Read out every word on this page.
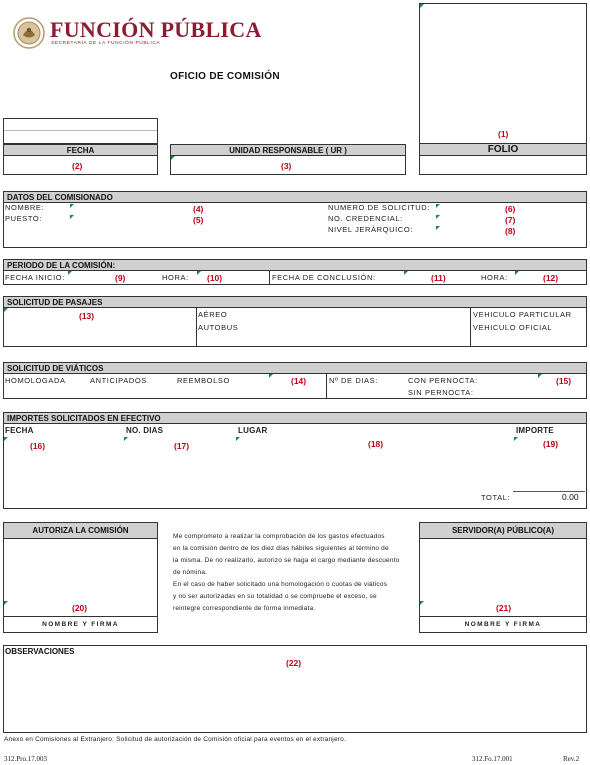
FUNCIÓN PÚBLICA
SECRETARÍA DE LA FUNCIÓN PÚBLICA
OFICIO DE COMISIÓN
(1)
FOLIO
FECHA
(2)
UNIDAD RESPONSABLE ( UR )
(3)
DATOS DEL COMISIONADO
NOMBRE:	(4)
PUESTO:	(5)
NUMERO DE SOLICITUD:	(6)
NO. CREDENCIAL:	(7)
NIVEL JERÁRQUICO:	(8)
PERIODO DE LA COMISIÓN:
FECHA INICIO:	(9)	HORA: (10)	FECHA DE CONCLUSIÓN:	(11)	HORA:	(12)
SOLICITUD DE PASAJES
(13)	AÉREO
AUTOBUS
VEHICULO PARTICULAR
VEHICULO OFICIAL
SOLICITUD DE VIÁTICOS
HOMOLOGADA	ANTICIPADOS	REEMBOLSO	(14)	Nº DE DIAS:	CON PERNOCTA:
SIN PERNOCTA:
(15)
IMPORTES SOLICITADOS EN EFECTIVO
FECHA	NO. DIAS	LUGAR	IMPORTE
(16)	(17)	(18)	(19)
TOTAL:	0.00
AUTORIZA LA COMISIÓN
(20)
NOMBRE Y FIRMA
Me comprometo a realizar la comprobación de los gastos efectuados
en la comisión dentro de los diez días hábiles siguientes al término de
la misma. De no realizarlo, autorizo se haga el cargo mediante descuento
de nómina.
En el caso de haber solicitado una homologación o cuotas de viáticos
y no ser autorizadas en su totalidad o se compruebe el exceso, se
reintegre correspondiente de forma inmediata.
SERVIDOR(A) PÚBLICO(A)
(21)
NOMBRE Y FIRMA
OBSERVACIONES
(22)
Anexo en Comisiones al Extranjero: Solicitud de autorización de Comisión oficial para eventos en el extranjero.
312.Pro.17.003	312.Fo.17.001	Rev.2
